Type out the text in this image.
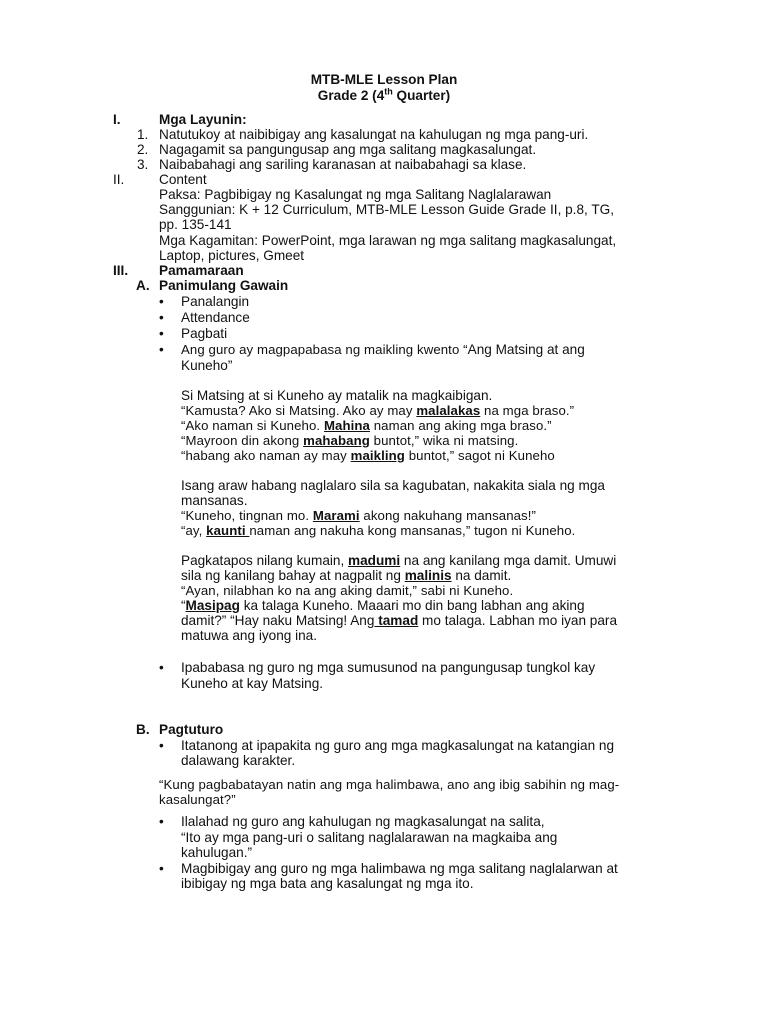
MTB-MLE Lesson Plan
Grade 2 (4th Quarter)
I.	Mga Layunin:
1. Natutukoy at naibibigay ang kasalungat na kahulugan ng mga pang-uri.
2. Nagagamit sa pangungusap ang mga salitang magkasalungat.
3. Naibabahagi ang sariling karanasan at naibabahagi sa klase.
II.	Content
Paksa: Pagbibigay ng Kasalungat ng mga Salitang Naglalarawan
Sanggunian: K + 12 Curriculum, MTB-MLE Lesson Guide Grade II, p.8, TG,
pp. 135-141
Mga Kagamitan: PowerPoint, mga larawan ng mga salitang magkasalungat,
Laptop, pictures, Gmeet
III. Pamamaraan
A. Panimulang Gawain
• Panalangin
• Attendance
• Pagbati
• Ang guro ay magpapabasa ng maikling kwento “Ang Matsing at ang
Kuneho”
Si Matsing at si Kuneho ay matalik na magkaibigan.
“Kamusta? Ako si Matsing. Ako ay may malalakas na mga braso.”
“Ako naman si Kuneho. Mahina naman ang aking mga braso.”
“Mayroon din akong mahabang buntot,” wika ni matsing.
“habang ako naman ay may maikling buntot,” sagot ni Kuneho
Isang araw habang naglalaro sila sa kagubatan, nakakita siala ng mga
mansanas.
“Kuneho, tingnan mo. Marami akong nakuhang mansanas!”
“ay, kaunti naman ang nakuha kong mansanas,” tugon ni Kuneho.
Pagkatapos nilang kumain, madumi na ang kanilang mga damit. Umuwi
sila ng kanilang bahay at nagpalit ng malinis na damit.
“Ayan, nilabhan ko na ang aking damit,” sabi ni Kuneho.
“Masipag ka talaga Kuneho. Maaari mo din bang labhan ang aking
damit?” “Hay naku Matsing! Ang tamad mo talaga. Labhan mo iyan para
matuwa ang iyong ina.
• Ipababasa ng guro ng mga sumusunod na pangungusap tungkol kay
Kuneho at kay Matsing.
B. Pagtuturo
• Itatanong at ipapakita ng guro ang mga magkasalungat na katangian ng
dalawang karakter.
“Kung pagbabatayan natin ang mga halimbawa, ano ang ibig sabihin ng mag-
kasalungat?”
• Ilalahad ng guro ang kahulugan ng magkasalungat na salita,
“Ito ay mga pang-uri o salitang naglalarawan na magkaiba ang
kahulugan.”
• Magbibigay ang guro ng mga halimbawa ng mga salitang naglalarwan at
ibibigay ng mga bata ang kasalungat ng mga ito.
